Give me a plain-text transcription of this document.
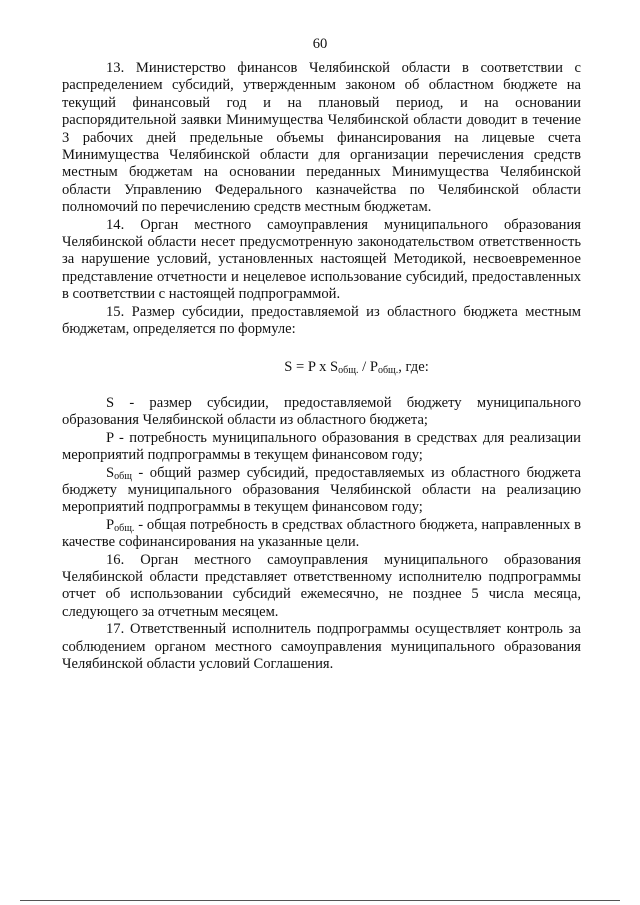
60

13. Министерство финансов Челябинской области в соответствии с распределением субсидий, утвержденным законом об областном бюджете на текущий финансовый год и на плановый период, и на основании распорядительной заявки Минимущества Челябинской области доводит в течение 3 рабочих дней предельные объемы финансирования на лицевые счета Минимущества Челябинской области для организации перечисления средств местным бюджетам на основании переданных Минимущества Челябинской области Управлению Федерального казначейства по Челябинской области полномочий по перечислению средств местным бюджетам.

14. Орган местного самоуправления муниципального образования Челябинской области несет предусмотренную законодательством ответственность за нарушение условий, установленных настоящей Методикой, несвоевременное представление отчетности и нецелевое использование субсидий, предоставленных в соответствии с настоящей подпрограммой.

15. Размер субсидии, предоставляемой из областного бюджета местным бюджетам, определяется по формуле:

S = P x $S_{общ.} / P_{общ.}$, где:

S - размер субсидии, предоставляемой бюджету муниципального образования Челябинской области из областного бюджета;

P - потребность муниципального образования в средствах для реализации мероприятий подпрограммы в текущем финансовом году;

$S_{общ}$ - общий размер субсидий, предоставляемых из областного бюджета бюджету муниципального образования Челябинской области на реализацию мероприятий подпрограммы в текущем финансовом году;

$P_{общ.}$ - общая потребность в средствах областного бюджета, направленных в качестве софинансирования на указанные цели.

16. Орган местного самоуправления муниципального образования Челябинской области представляет ответственному исполнителю подпрограммы отчет об использовании субсидий ежемесячно, не позднее 5 числа месяца, следующего за отчетным месяцем.

17. Ответственный исполнитель подпрограммы осуществляет контроль за соблюдением органом местного самоуправления муниципального образования Челябинской области условий Соглашения.
